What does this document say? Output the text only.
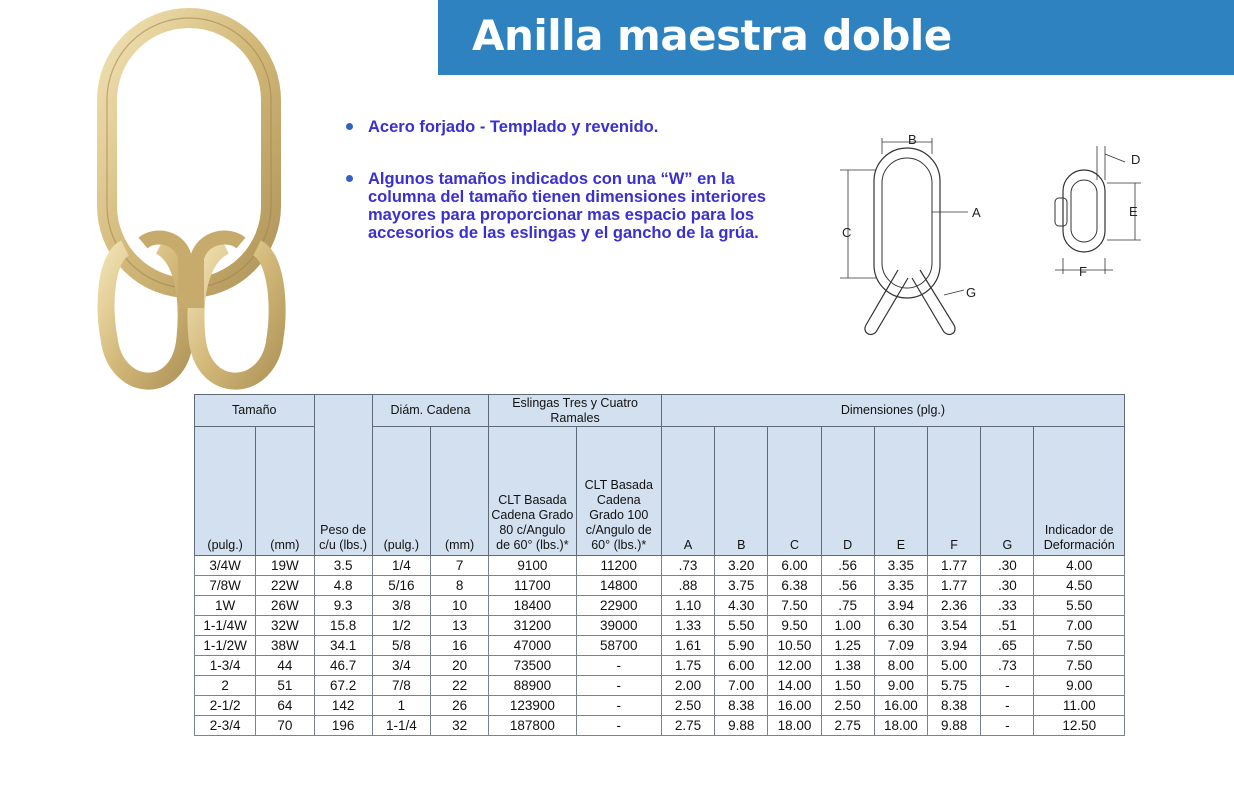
Anilla maestra doble
Acero forjado - Templado y revenido.
Algunos tamaños indicados con una “W” en la columna del tamaño tienen dimensiones interiores mayores para proporcionar mas espacio para los accesorios de las eslingas y el gancho de la grúa.
B
C
A
G
D
E
F
Tamaño			Diám. Cadena		Eslingas Tres y Cuatro Ramales		Dimensiones (plg.)							
(pulg.)	(mm)	Peso de c/u (lbs.)	(pulg.)	(mm)	CLT Basada Cadena Grado 80 c/Angulo de 60° (lbs.)*	CLT Basada Cadena Grado 100 c/Angulo de 60° (lbs.)*	A	B	C	D	E	F	G	Indicador de Deformación
3/4W	19W	3.5	1/4	7	9100	11200	.73	3.20	6.00	.56	3.35	1.77	.30	4.00
7/8W	22W	4.8	5/16	8	11700	14800	.88	3.75	6.38	.56	3.35	1.77	.30	4.50
1W	26W	9.3	3/8	10	18400	22900	1.10	4.30	7.50	.75	3.94	2.36	.33	5.50
1-1/4W	32W	15.8	1/2	13	31200	39000	1.33	5.50	9.50	1.00	6.30	3.54	.51	7.00
1-1/2W	38W	34.1	5/8	16	47000	58700	1.61	5.90	10.50	1.25	7.09	3.94	.65	7.50
1-3/4	44	46.7	3/4	20	73500	-	1.75	6.00	12.00	1.38	8.00	5.00	.73	7.50
2	51	67.2	7/8	22	88900	-	2.00	7.00	14.00	1.50	9.00	5.75	-	9.00
2-1/2	64	142	1	26	123900	-	2.50	8.38	16.00	2.50	16.00	8.38	-	11.00
2-3/4	70	196	1-1/4	32	187800	-	2.75	9.88	18.00	2.75	18.00	9.88	-	12.50
